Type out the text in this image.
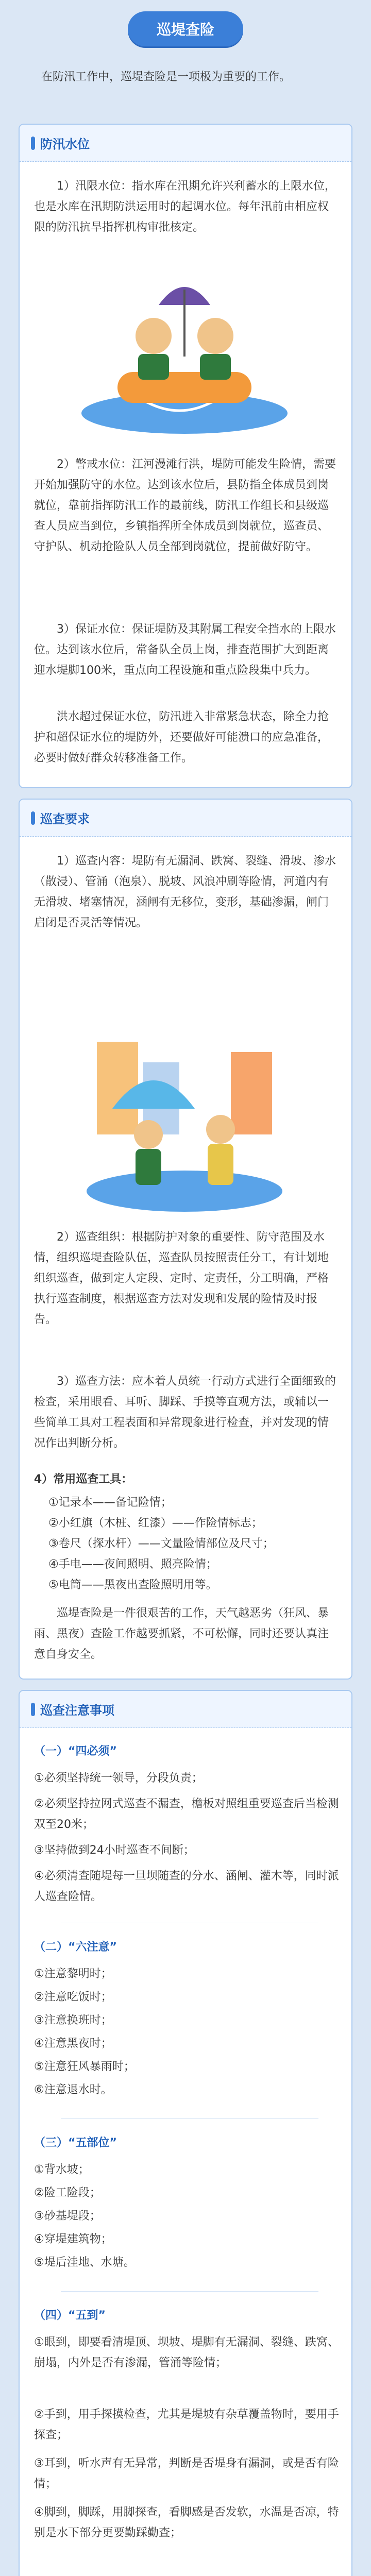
巡堤查险
在防汛工作中，巡堤查险是一项极为重要的工作。
防汛水位

1）汛限水位：指水库在汛期允许兴利蓄水的上限水位，也是水库在汛期防洪运用时的起调水位。每年汛前由相应权限的防汛抗旱指挥机构审批核定。

2）警戒水位：江河漫滩行洪，堤防可能发生险情，需要开始加强防守的水位。达到该水位后，县防指全体成员到岗就位，靠前指挥防汛工作的最前线，防汛工作组长和县级巡查人员应当到位，乡镇指挥所全体成员到岗就位，巡查员、守护队、机动抢险队人员全部到岗就位，提前做好防守。

3）保证水位：保证堤防及其附属工程安全挡水的上限水位。达到该水位后，常备队全员上岗，排查范围扩大到距离迎水堤脚100米，重点向工程设施和重点险段集中兵力。

洪水超过保证水位，防汛进入非常紧急状态，除全力抢护和超保证水位的堤防外，还要做好可能溃口的应急准备，必要时做好群众转移准备工作。

巡查要求

1）巡查内容：堤防有无漏洞、跌窝、裂缝、滑坡、渗水（散浸）、管涌（泡泉）、脱坡、风浪冲刷等险情，河道内有无滑坡、堵塞情况，涵闸有无移位，变形，基础渗漏，闸门启闭是否灵活等情况。

2）巡查组织：根据防护对象的重要性、防守范围及水情，组织巡堤查险队伍，巡查队员按照责任分工，有计划地组织巡查，做到定人定段、定时、定责任，分工明确，严格执行巡查制度，根据巡查方法对发现和发展的险情及时报告。

3）巡查方法：应本着人员统一行动方式进行全面细致的检查，采用眼看、耳听、脚踩、手摸等直观方法，或辅以一些简单工具对工程表面和异常现象进行检查，并对发现的情况作出判断分析。

4）常用巡查工具：
①记录本——备记险情；
②小红旗（木桩、红漆）——作险情标志；
③卷尺（探水杆）——文量险情部位及尺寸；
④手电——夜间照明、照亮险情；
⑤电筒——黑夜出查险照明用等。

巡堤查险是一件很艰苦的工作，天气越恶劣（狂风、暴雨、黑夜）查险工作越要抓紧，不可松懈，同时还要认真注意自身安全。

巡查注意事项
（一）“四必须”
①必须坚持统一领导，分段负责；
②必须坚持拉网式巡查不漏查，檐板对照组重要巡查后当检测双至20米；
③坚持做到24小时巡查不间断；
④必须清查随堤每一旦坝随查的分水、涵闸、灌木等，同时派人巡查险情。
（二）“六注意”
①注意黎明时；
②注意吃饭时；
③注意换班时；
④注意黑夜时；
⑤注意狂风暴雨时；
⑥注意退水时。
（三）“五部位”
①背水坡；
②险工险段；
③砂基堤段；
④穿堤建筑物；
⑤堤后洼地、水塘。
（四）“五到”
①眼到，即要看清堤顶、坝坡、堤脚有无漏洞、裂缝、跌窝、崩塌，内外是否有渗漏，管涌等险情；
②手到，用手探摸检查，尤其是堤坡有杂草覆盖物时，要用手探查；
③耳到，听水声有无异常，判断是否堤身有漏洞，或是否有险情；
④脚到，脚踩，用脚探查，看脚感是否发软，水温是否凉，特别是水下部分更要勤踩勤查；
